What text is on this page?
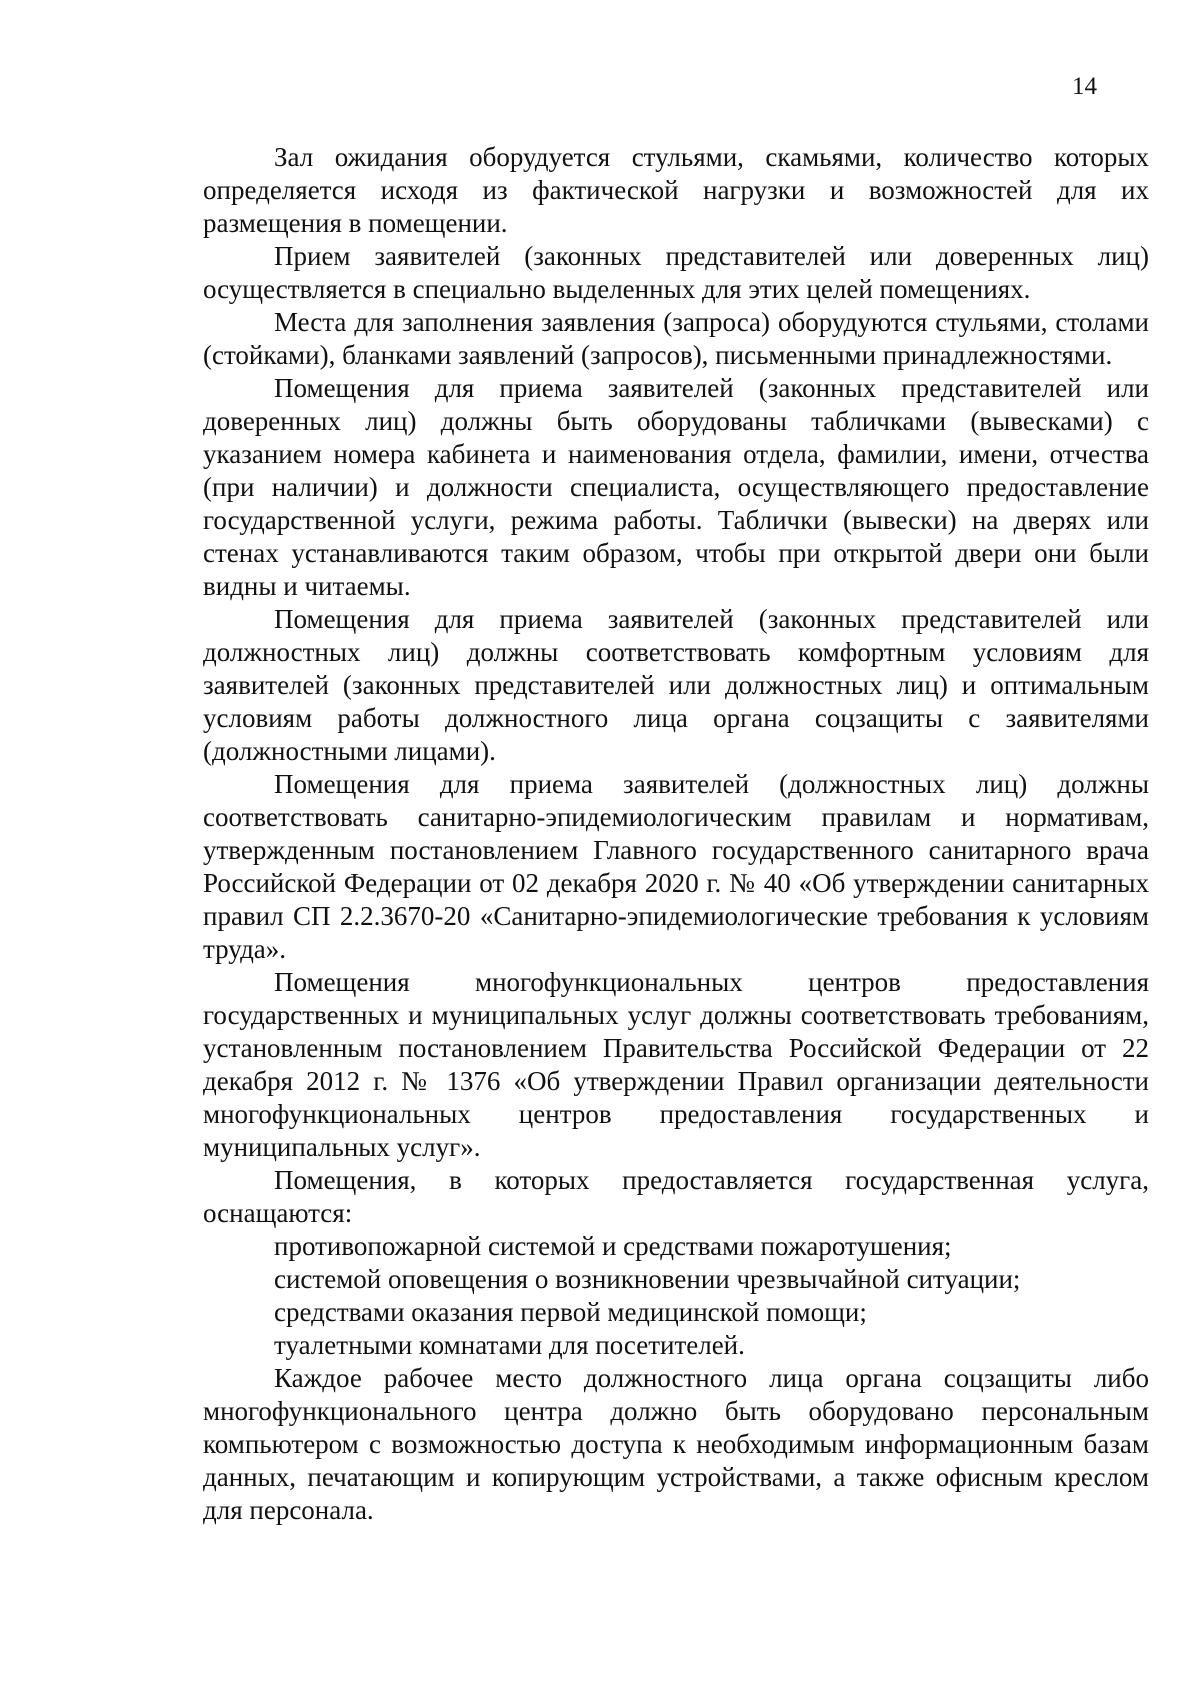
14

Зал ожидания оборудуется стульями, скамьями, количество которых определяется исходя из фактической нагрузки и возможностей для их размещения в помещении.

Прием заявителей (законных представителей или доверенных лиц) осуществляется в специально выделенных для этих целей помещениях.

Места для заполнения заявления (запроса) оборудуются стульями, столами (стойками), бланками заявлений (запросов), письменными принадлежностями.

Помещения для приема заявителей (законных представителей или доверенных лиц) должны быть оборудованы табличками (вывесками) с указанием номера кабинета и наименования отдела, фамилии, имени, отчества (при наличии) и должности специалиста, осуществляющего предоставление государственной услуги, режима работы. Таблички (вывески) на дверях или стенах устанавливаются таким образом, чтобы при открытой двери они были видны и читаемы.

Помещения для приема заявителей (законных представителей или должностных лиц) должны соответствовать комфортным условиям для заявителей (законных представителей или должностных лиц) и оптимальным условиям работы должностного лица органа соцзащиты с заявителями (должностными лицами).

Помещения для приема заявителей (должностных лиц) должны соответствовать санитарно-эпидемиологическим правилам и нормативам, утвержденным постановлением Главного государственного санитарного врача Российской Федерации от 02 декабря 2020 г. № 40 «Об утверждении санитарных правил СП 2.2.3670-20 «Санитарно-эпидемиологические требования к условиям труда».

Помещения многофункциональных центров предоставления государственных и муниципальных услуг должны соответствовать требованиям, установленным постановлением Правительства Российской Федерации от 22 декабря 2012 г. № 1376 «Об утверждении Правил организации деятельности многофункциональных центров предоставления государственных и муниципальных услуг».

Помещения, в которых предоставляется государственная услуга, оснащаются:

противопожарной системой и средствами пожаротушения;

системой оповещения о возникновении чрезвычайной ситуации;

средствами оказания первой медицинской помощи;

туалетными комнатами для посетителей.

Каждое рабочее место должностного лица органа соцзащиты либо многофункционального центра должно быть оборудовано персональным компьютером с возможностью доступа к необходимым информационным базам данных, печатающим и копирующим устройствами, а также офисным креслом для персонала.
